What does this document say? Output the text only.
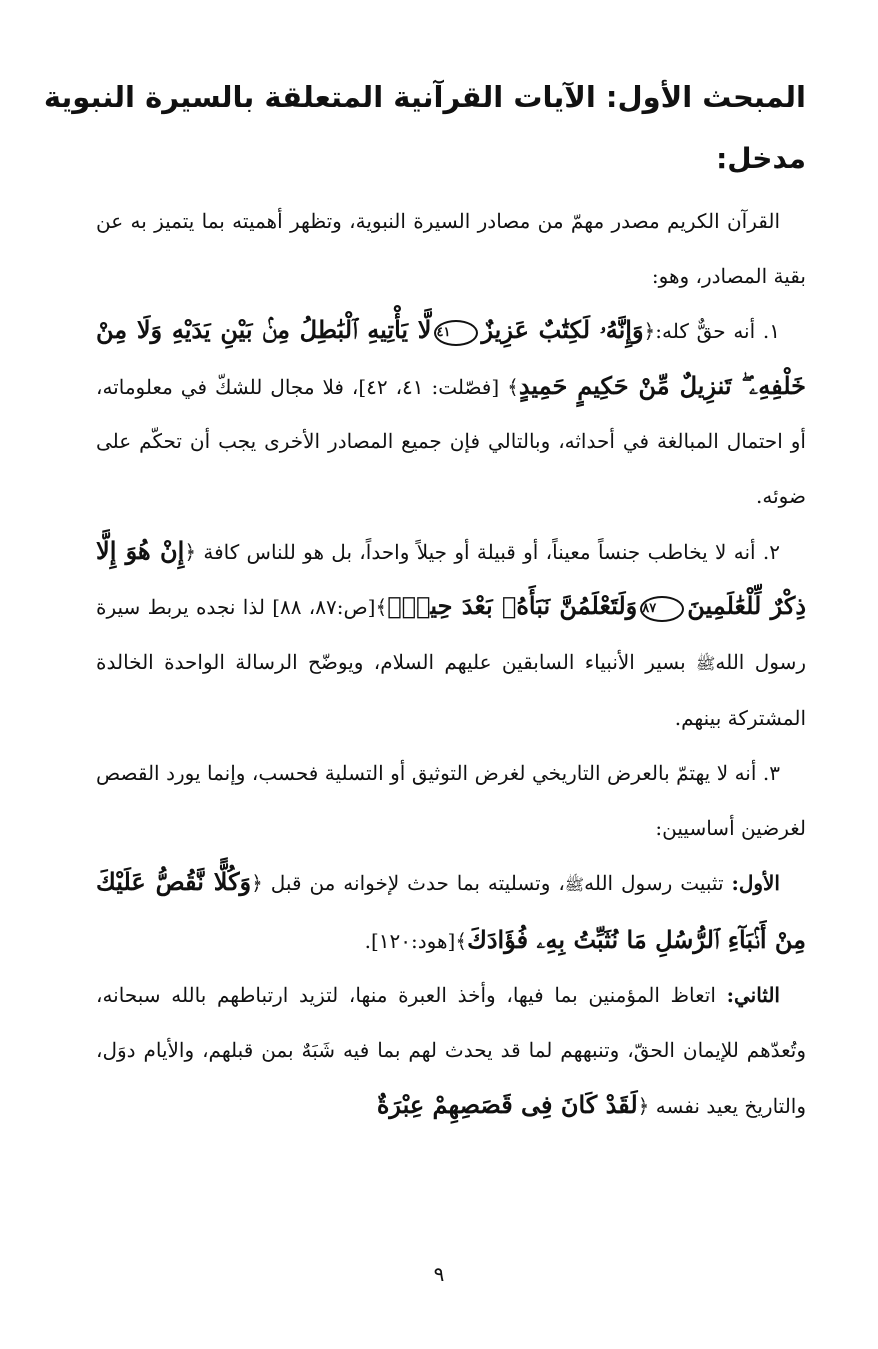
المبحث الأول: الآيات القرآنية المتعلقة بالسيرة النبوية
مدخل:

القرآن الكريم مصدر مهمّ من مصادر السيرة النبوية، وتظهر أهميته بما يتميز به عن بقية المصادر، وهو:

١. أنه حقٌّ كله:﴿وَإِنَّهُۥ لَكِتَٰبٌ عَزِيزٌ٤١لَّا يَأْتِيهِ ٱلْبَٰطِلُ مِنۢ بَيْنِ يَدَيْهِ وَلَا مِنْ خَلْفِهِۦ ۖ تَنزِيلٌ مِّنْ حَكِيمٍ حَمِيدٍ﴾ [فصّلت: ٤١، ٤٢]، فلا مجال للشكّ في معلوماته، أو احتمال المبالغة في أحداثه، وبالتالي فإن جميع المصادر الأخرى يجب أن تحكّم على ضوئه.

٢. أنه لا يخاطب جنساً معيناً، أو قبيلة أو جيلاً واحداً، بل هو للناس كافة ﴿إِنْ هُوَ إِلَّا ذِكْرٌ لِّلْعَٰلَمِينَ٨٧وَلَتَعْلَمُنَّ نَبَأَهُۥ بَعْدَ حِينٍۭ﴾[ص:٨٧، ٨٨] لذا نجده يربط سيرة رسول اللهﷺ بسير الأنبياء السابقين عليهم السلام، ويوضّح الرسالة الواحدة الخالدة المشتركة بينهم.

٣. أنه لا يهتمّ بالعرض التاريخي لغرض التوثيق أو التسلية فحسب، وإنما يورد القصص لغرضين أساسيين:

الأول: تثبيت رسول اللهﷺ، وتسليته بما حدث لإخوانه من قبل ﴿وَكُلًّا نَّقُصُّ عَلَيْكَ مِنْ أَنۢبَآءِ ٱلرُّسُلِ مَا نُثَبِّتُ بِهِۦ فُؤَادَكَ﴾[هود:١٢٠].

الثاني: اتعاظ المؤمنين بما فيها، وأخذ العبرة منها، لتزيد ارتباطهم بالله سبحانه، وتُعدّهم للإيمان الحقّ، وتنبههم لما قد يحدث لهم بما فيه شَبَهٌ بمن قبلهم، والأيام دوَل، والتاريخ يعيد نفسه ﴿لَقَدْ كَانَ فِى قَصَصِهِمْ عِبْرَةٌ

٩
